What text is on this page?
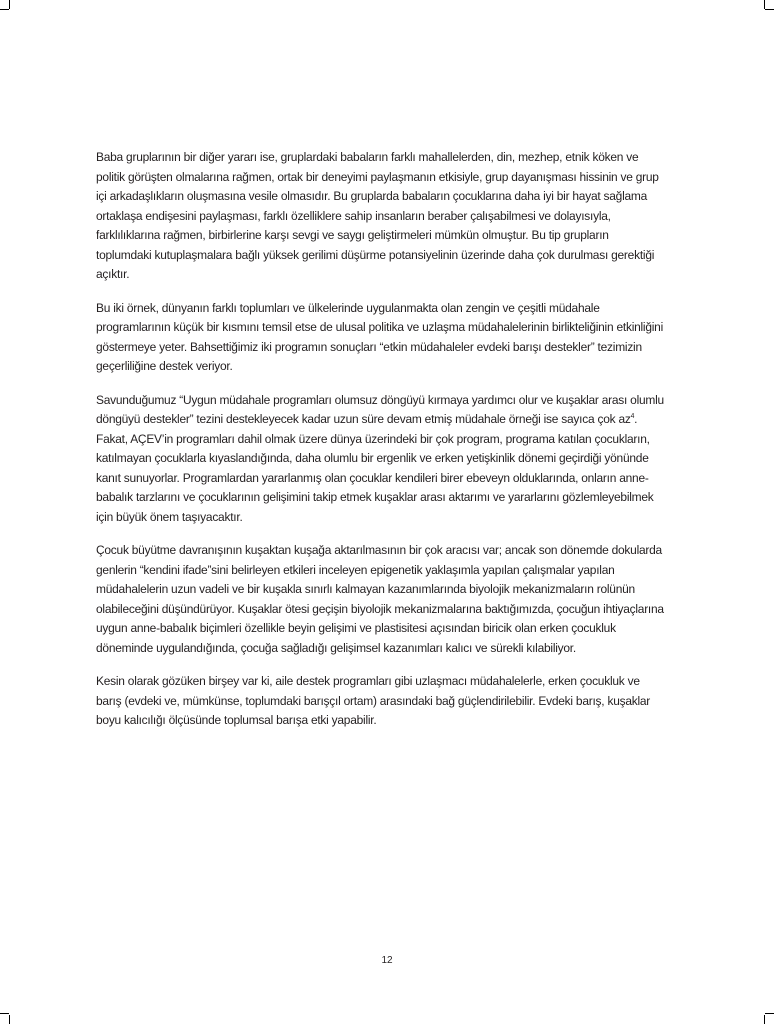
Baba gruplarının bir diğer yararı ise, gruplardaki babaların farklı mahallelerden, din, mezhep, etnik köken ve politik görüşten olmalarına rağmen, ortak bir deneyimi paylaşmanın etkisiyle, grup dayanışması hissinin ve grup içi arkadaşlıkların oluşmasına vesile olmasıdır. Bu gruplarda babaların çocuklarına daha iyi bir hayat sağlama ortaklaşa endişesini paylaşması, farklı özelliklere sahip insanların beraber çalışabilmesi ve dolayısıyla, farklılıklarına rağmen, birbirlerine karşı sevgi ve saygı geliştirmeleri mümkün olmuştur. Bu tip grupların toplumdaki kutuplaşmalara bağlı yüksek gerilimi düşürme potansiyelinin üzerinde daha çok durulması gerektiği açıktır.

Bu iki örnek, dünyanın farklı toplumları ve ülkelerinde uygulanmakta olan zengin ve çeşitli müdahale programlarının küçük bir kısmını temsil etse de ulusal politika ve uzlaşma müdahalelerinin birlikteliğinin etkinliğini göstermeye yeter. Bahsettiğimiz iki programın sonuçları “etkin müdahaleler evdeki barışı destekler” tezimizin geçerliliğine destek veriyor.

Savunduğumuz “Uygun müdahale programları olumsuz döngüyü kırmaya yardımcı olur ve kuşaklar arası olumlu döngüyü destekler” tezini destekleyecek kadar uzun süre devam etmiş müdahale örneği ise sayıca çok $az^4$. Fakat, AÇEV’in programları dahil olmak üzere dünya üzerindeki bir çok program, programa katılan çocukların, katılmayan çocuklarla kıyaslandığında, daha olumlu bir ergenlik ve erken yetişkinlik dönemi geçirdiği yönünde kanıt sunuyorlar. Programlardan yararlanmış olan çocuklar kendileri birer ebeveyn olduklarında, onların anne-babalık tarzlarını ve çocuklarının gelişimini takip etmek kuşaklar arası aktarımı ve yararlarını gözlemleyebilmek için büyük önem taşıyacaktır.

Çocuk büyütme davranışının kuşaktan kuşağa aktarılmasının bir çok aracısı var; ancak son dönemde dokularda genlerin “kendini ifade”sini belirleyen etkileri inceleyen epigenetik yaklaşımla yapılan çalışmalar yapılan müdahalelerin uzun vadeli ve bir kuşakla sınırlı kalmayan kazanımlarında biyolojik mekanizmaların rolünün olabileceğini düşündürüyor. Kuşaklar ötesi geçişin biyolojik mekanizmalarına baktığımızda, çocuğun ihtiyaçlarına uygun anne-babalık biçimleri özellikle beyin gelişimi ve plastisitesi açısından biricik olan erken çocukluk döneminde uygulandığında, çocuğa sağladığı gelişimsel kazanımları kalıcı ve sürekli kılabiliyor.

Kesin olarak gözüken birşey var ki, aile destek programları gibi uzlaşmacı müdahalelerle, erken çocukluk ve barış (evdeki ve, mümkünse, toplumdaki barışçıl ortam) arasındaki bağ güçlendirilebilir. Evdeki barış, kuşaklar boyu kalıcılığı ölçüsünde toplumsal barışa etki yapabilir.

12
